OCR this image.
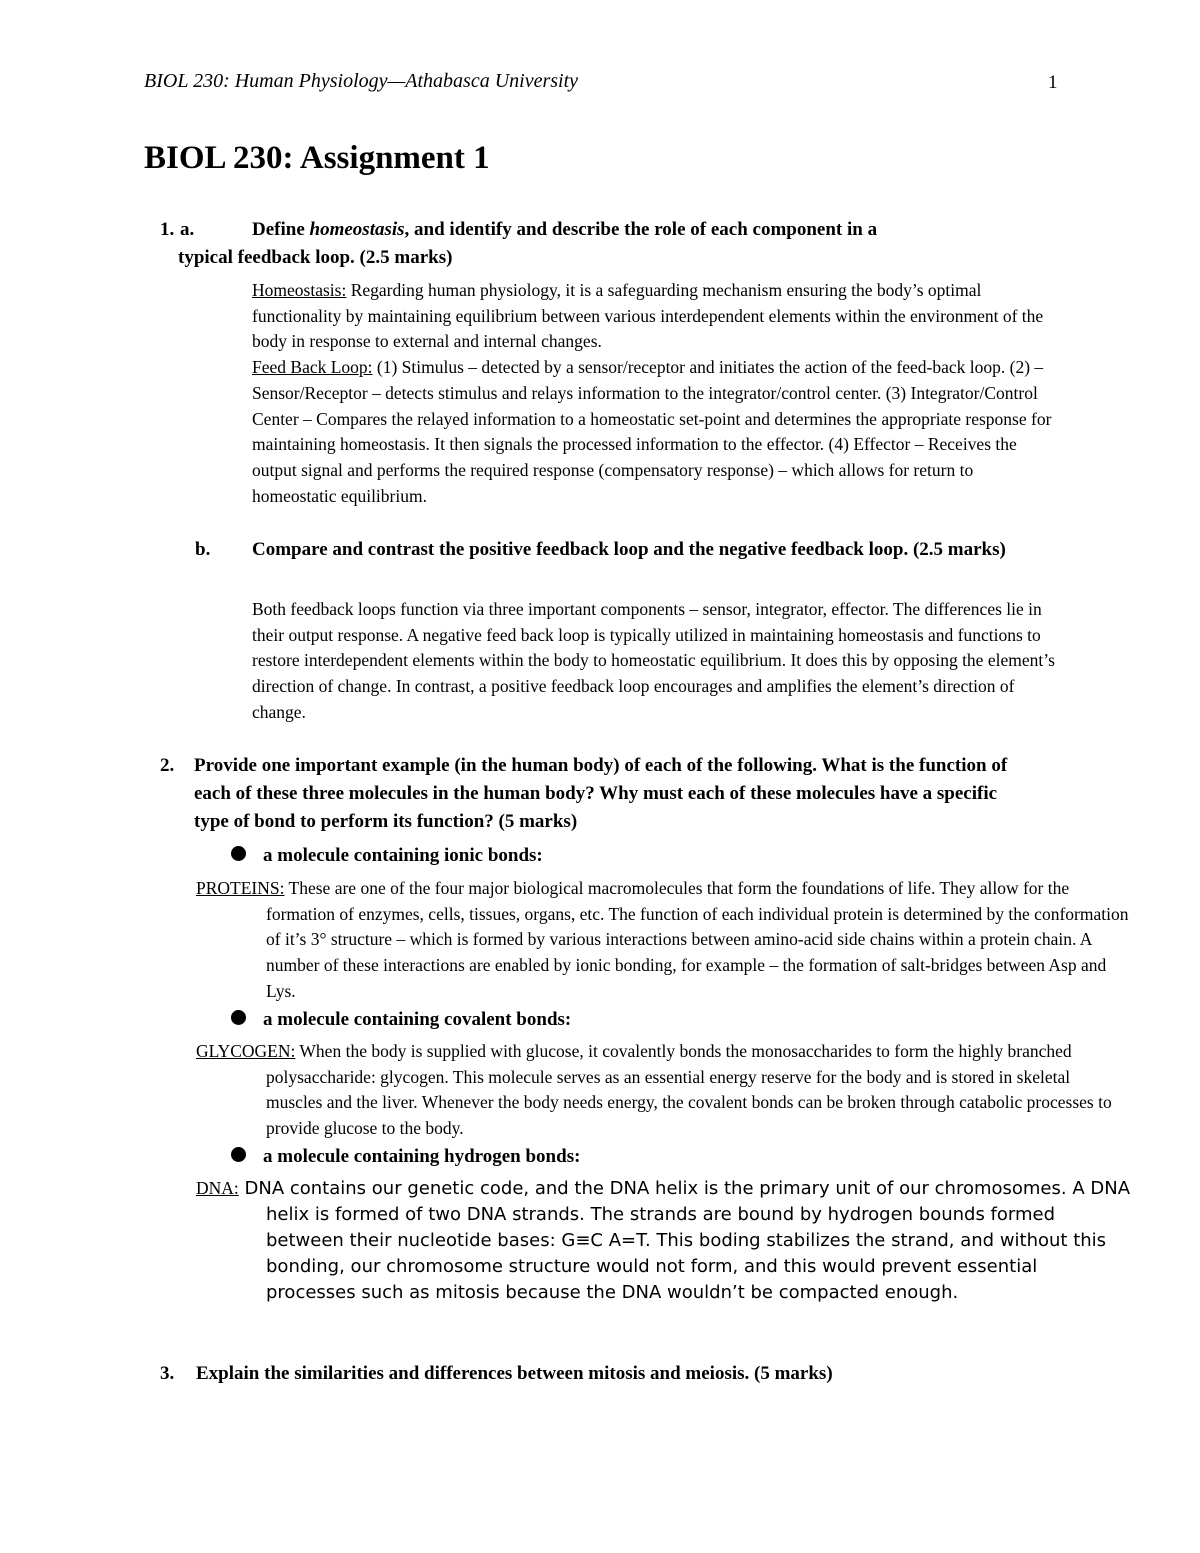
BIOL 230: Human Physiology—Athabasca University	1
BIOL 230: Assignment 1
1. a.	Define homeostasis, and identify and describe the role of each component in a
typical feedback loop. (2.5 marks)
Homeostasis: Regarding human physiology, it is a safeguarding mechanism ensuring the body’s optimal functionality by maintaining equilibrium between various interdependent elements within the environment of the body in response to external and internal changes.
Feed Back Loop: (1) Stimulus – detected by a sensor/receptor and initiates the action of the feed-back loop. (2) – Sensor/Receptor – detects stimulus and relays information to the integrator/control center. (3) Integrator/Control Center – Compares the relayed information to a homeostatic set-point and determines the appropriate response for maintaining homeostasis. It then signals the processed information to the effector. (4) Effector – Receives the output signal and performs the required response (compensatory response) – which allows for return to homeostatic equilibrium.
b. Compare and contrast the positive feedback loop and the negative feedback loop. (2.5 marks)
Both feedback loops function via three important components – sensor, integrator, effector. The differences lie in their output response. A negative feed back loop is typically utilized in maintaining homeostasis and functions to restore interdependent elements within the body to homeostatic equilibrium. It does this by opposing the element’s direction of change. In contrast, a positive feedback loop encourages and amplifies the element’s direction of change.
2. Provide one important example (in the human body) of each of the following. What is the function of each of these three molecules in the human body? Why must each of these molecules have a specific type of bond to perform its function? (5 marks)
a molecule containing ionic bonds:
PROTEINS: These are one of the four major biological macromolecules that form the foundations of life. They allow for the formation of enzymes, cells, tissues, organs, etc. The function of each individual protein is determined by the conformation of it’s 3° structure – which is formed by various interactions between amino-acid side chains within a protein chain. A number of these interactions are enabled by ionic bonding, for example – the formation of salt-bridges between Asp and Lys.
a molecule containing covalent bonds:
GLYCOGEN: When the body is supplied with glucose, it covalently bonds the monosaccharides to form the highly branched polysaccharide: glycogen. This molecule serves as an essential energy reserve for the body and is stored in skeletal muscles and the liver. Whenever the body needs energy, the covalent bonds can be broken through catabolic processes to provide glucose to the body.
a molecule containing hydrogen bonds:
DNA: DNA contains our genetic code, and the DNA helix is the primary unit of our chromosomes. A DNA helix is formed of two DNA strands. The strands are bound by hydrogen bounds formed between their nucleotide bases: G≡C A=T. This boding stabilizes the strand, and without this bonding, our chromosome structure would not form, and this would prevent essential processes such as mitosis because the DNA wouldn’t be compacted enough.
3. Explain the similarities and differences between mitosis and meiosis. (5 marks)
